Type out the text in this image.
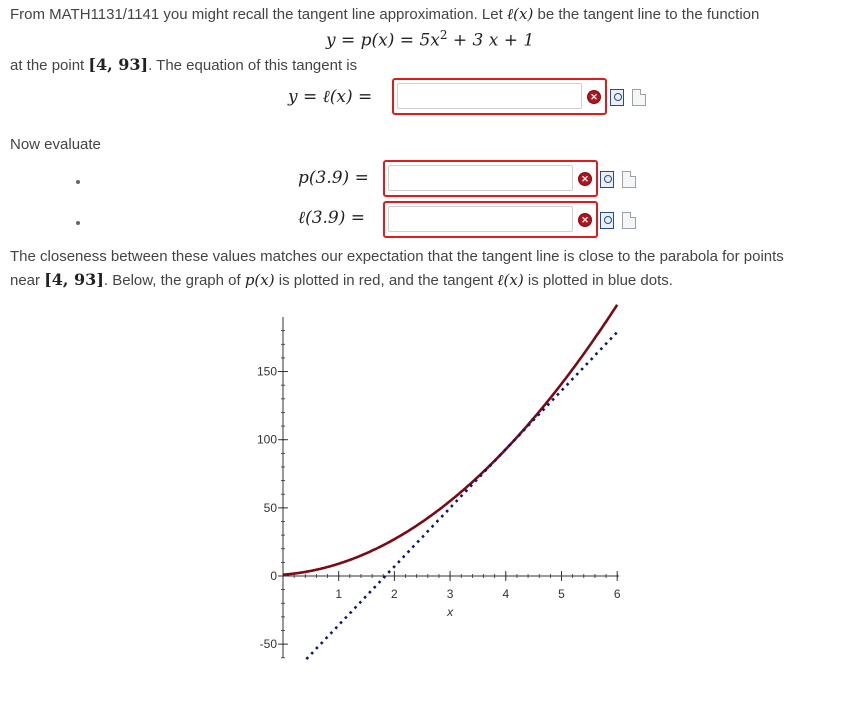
From MATH1131/1141 you might recall the tangent line approximation. Let ℓ(x) be the tangent line to the function
$y = p(x) = 5x^2 + 3$ x + 1
at the point [4, 93]. The equation of this tangent is
y = ℓ(x) =	✕
Now evaluate
p(3.9) =	✕
ℓ(3.9) =	✕
The closeness between these values matches our expectation that the tangent line is close to the parabola for points
near [4, 93]. Below, the graph of p(x) is plotted in red, and the tangent ℓ(x) is plotted in blue dots.
-50
0
50
100
150
1	2	3	4	5	6
x
